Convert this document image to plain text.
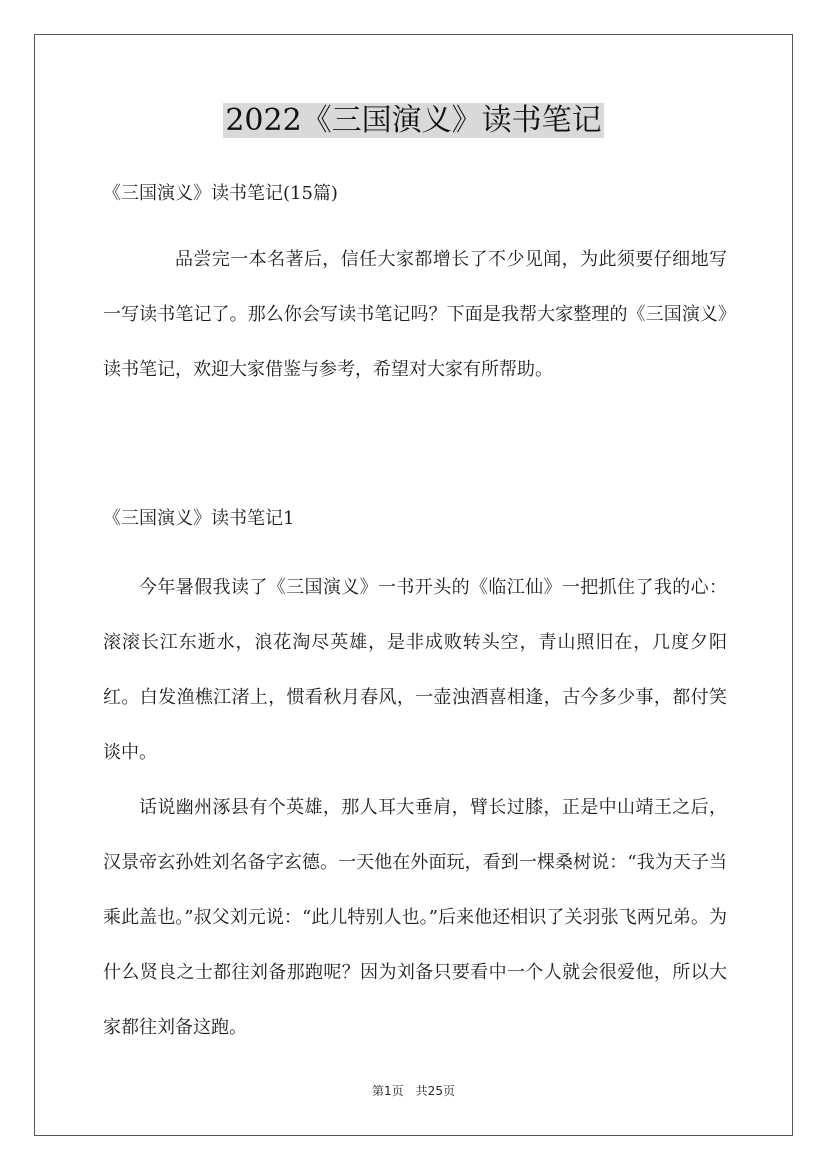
2022《三国演义》读书笔记

《三国演义》读书笔记(15篇)

品尝完一本名著后，信任大家都增长了不少见闻，为此须要仔细地写一写读书笔记了。那么你会写读书笔记吗？下面是我帮大家整理的《三国演义》读书笔记，欢迎大家借鉴与参考，希望对大家有所帮助。

《三国演义》读书笔记1

今年暑假我读了《三国演义》一书开头的《临江仙》一把抓住了我的心：滚滚长江东逝水，浪花淘尽英雄，是非成败转头空，青山照旧在，几度夕阳红。白发渔樵江渚上，惯看秋月春风，一壶浊酒喜相逢，古今多少事，都付笑谈中。

话说幽州涿县有个英雄，那人耳大垂肩，臂长过膝，正是中山靖王之后，汉景帝玄孙姓刘名备字玄德。一天他在外面玩，看到一棵桑树说：“我为天子当乘此盖也。”叔父刘元说：“此儿特别人也。”后来他还相识了关羽张飞两兄弟。为什么贤良之士都往刘备那跑呢？因为刘备只要看中一个人就会很爱他，所以大家都往刘备这跑。

第1页　共25页
